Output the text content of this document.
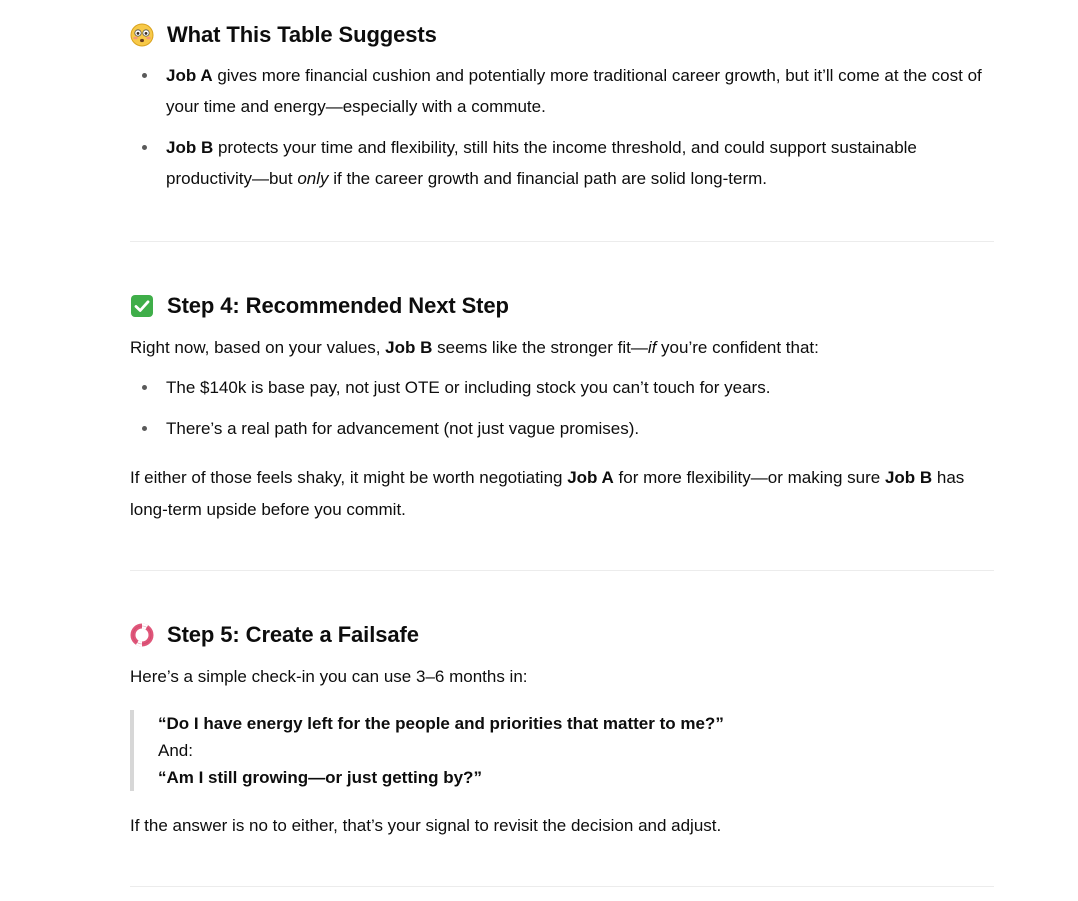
What This Table Suggests
Job A gives more financial cushion and potentially more traditional career growth, but it’ll come at the cost of your time and energy—especially with a commute.
Job B protects your time and flexibility, still hits the income threshold, and could support sustainable productivity—but only if the career growth and financial path are solid long-term.
Step 4: Recommended Next Step

Right now, based on your values, Job B seems like the stronger fit—if you’re confident that:

The $140k is base pay, not just OTE or including stock you can’t touch for years.
There’s a real path for advancement (not just vague promises).

If either of those feels shaky, it might be worth negotiating Job A for more flexibility—or making sure Job B has long-term upside before you commit.

Step 5: Create a Failsafe

Here’s a simple check-in you can use 3–6 months in:

“Do I have energy left for the people and priorities that matter to me?”
And:
“Am I still growing—or just getting by?”

If the answer is no to either, that’s your signal to revisit the decision and adjust.
